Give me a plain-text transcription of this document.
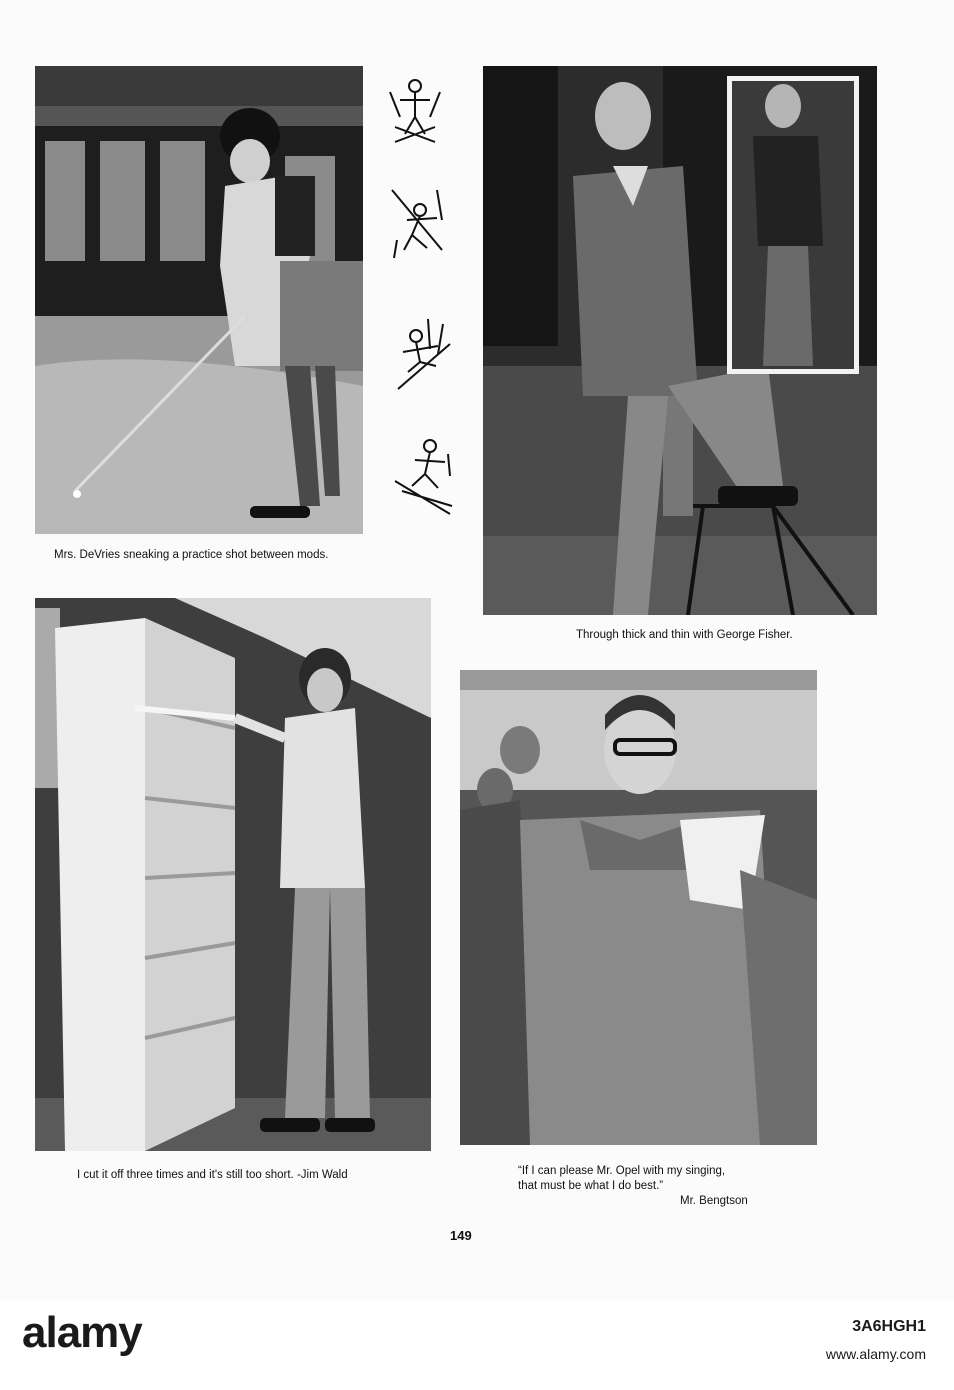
Mrs. DeVries sneaking a practice shot between mods.
Through thick and thin with George Fisher.
I cut it off three times and it's still too short. -Jim Wald	“If I can please Mr. Opel with my singing,
that must be what I do best.”
Mr. Bengtson
149
alamy	3A6HGH1
www.alamy.com
